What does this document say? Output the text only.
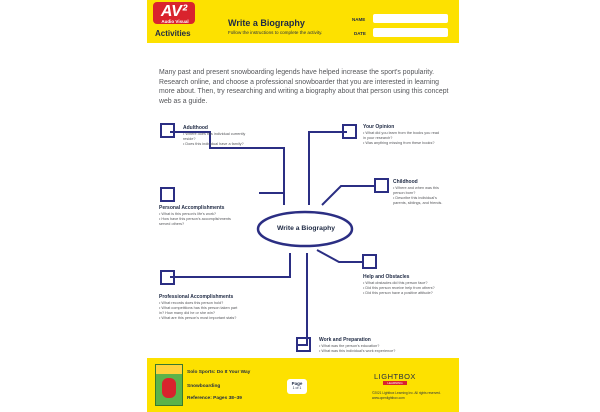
AV²
Audio Visual
Activities
Write a Biography
Follow the instructions to complete the activity.
NAME
DATE
Many past and present snowboarding legends have helped increase the sport's popularity. Research online, and choose a professional snowboarder that you are interested in learning more about. Then, try researching and writing a biography about that person using this concept web as a guide.
Write a Biography
Adulthood
• Where does this individual currently reside?
• Does this individual have a family?
Your Opinion
• What did you learn from the books you read in your research?
• Was anything missing from these books?
Childhood
• Where and when was this person born?
• Describe this individual's parents, siblings, and friends.
Personal Accomplishments
• What is this person's life's work?
• How have this person's accomplishments served others?
Help and Obstacles
• What obstacles did this person face?
• Did this person receive help from others?
• Did this person have a positive attitude?
Professional Accomplishments
• What records does this person hold?
• What competitions has this person taken part in? How many did he or she win?
• What are this person's most important stats?
Work and Preparation
• What was the person's education?
• What was this individual's work experience?
Solo Sports: Do It Your Way
Snowboarding
Reference: Pages 38–39
Page
1 of 1
LIGHTBOX
LEARNING
©2021 Lightbox Learning Inc. All rights reserved.
www.openlightbox.com
